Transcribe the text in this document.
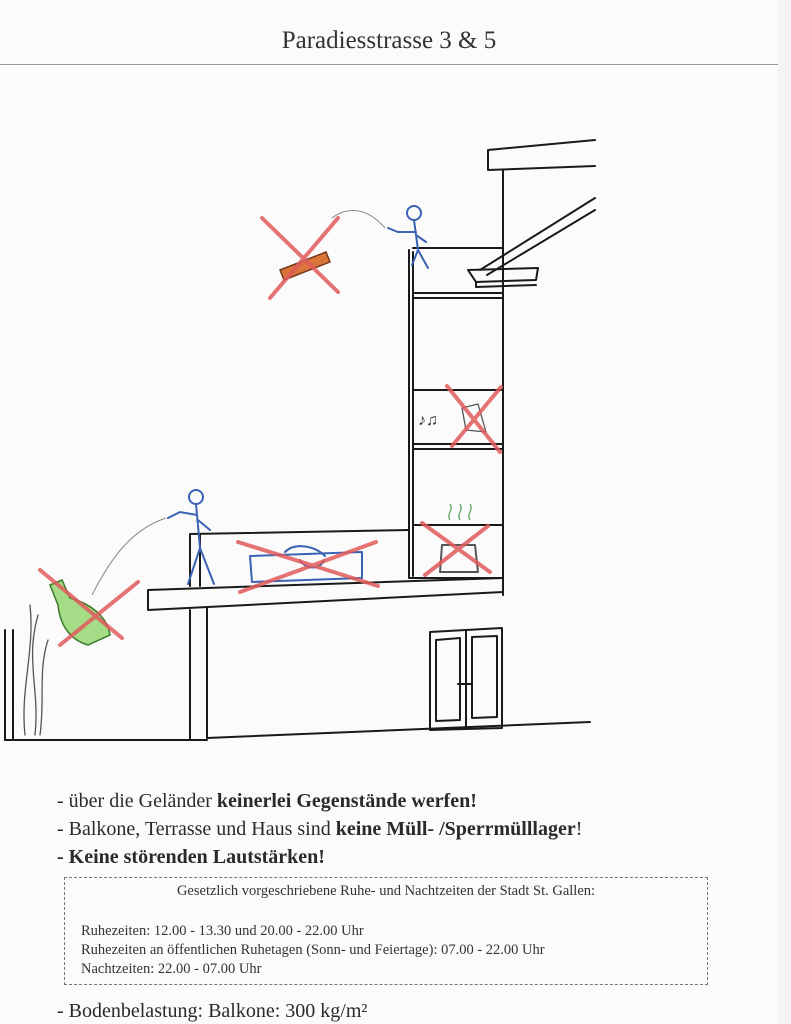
Paradiesstrasse 3 & 5
♪♫
- über die Geländer keinerlei Gegenstände werfen!
- Balkone, Terrasse und Haus sind keine Müll- /Sperrmülllager!
- Keine störenden Lautstärken!
Gesetzlich vorgeschriebene Ruhe- und Nachtzeiten der Stadt St. Gallen:
Ruhezeiten: 12.00 - 13.30 und 20.00 - 22.00 Uhr
Ruhezeiten an öffentlichen Ruhetagen (Sonn- und Feiertage): 07.00 - 22.00 Uhr
Nachtzeiten: 22.00 - 07.00 Uhr
- Bodenbelastung: Balkone: 300 kg/m²
